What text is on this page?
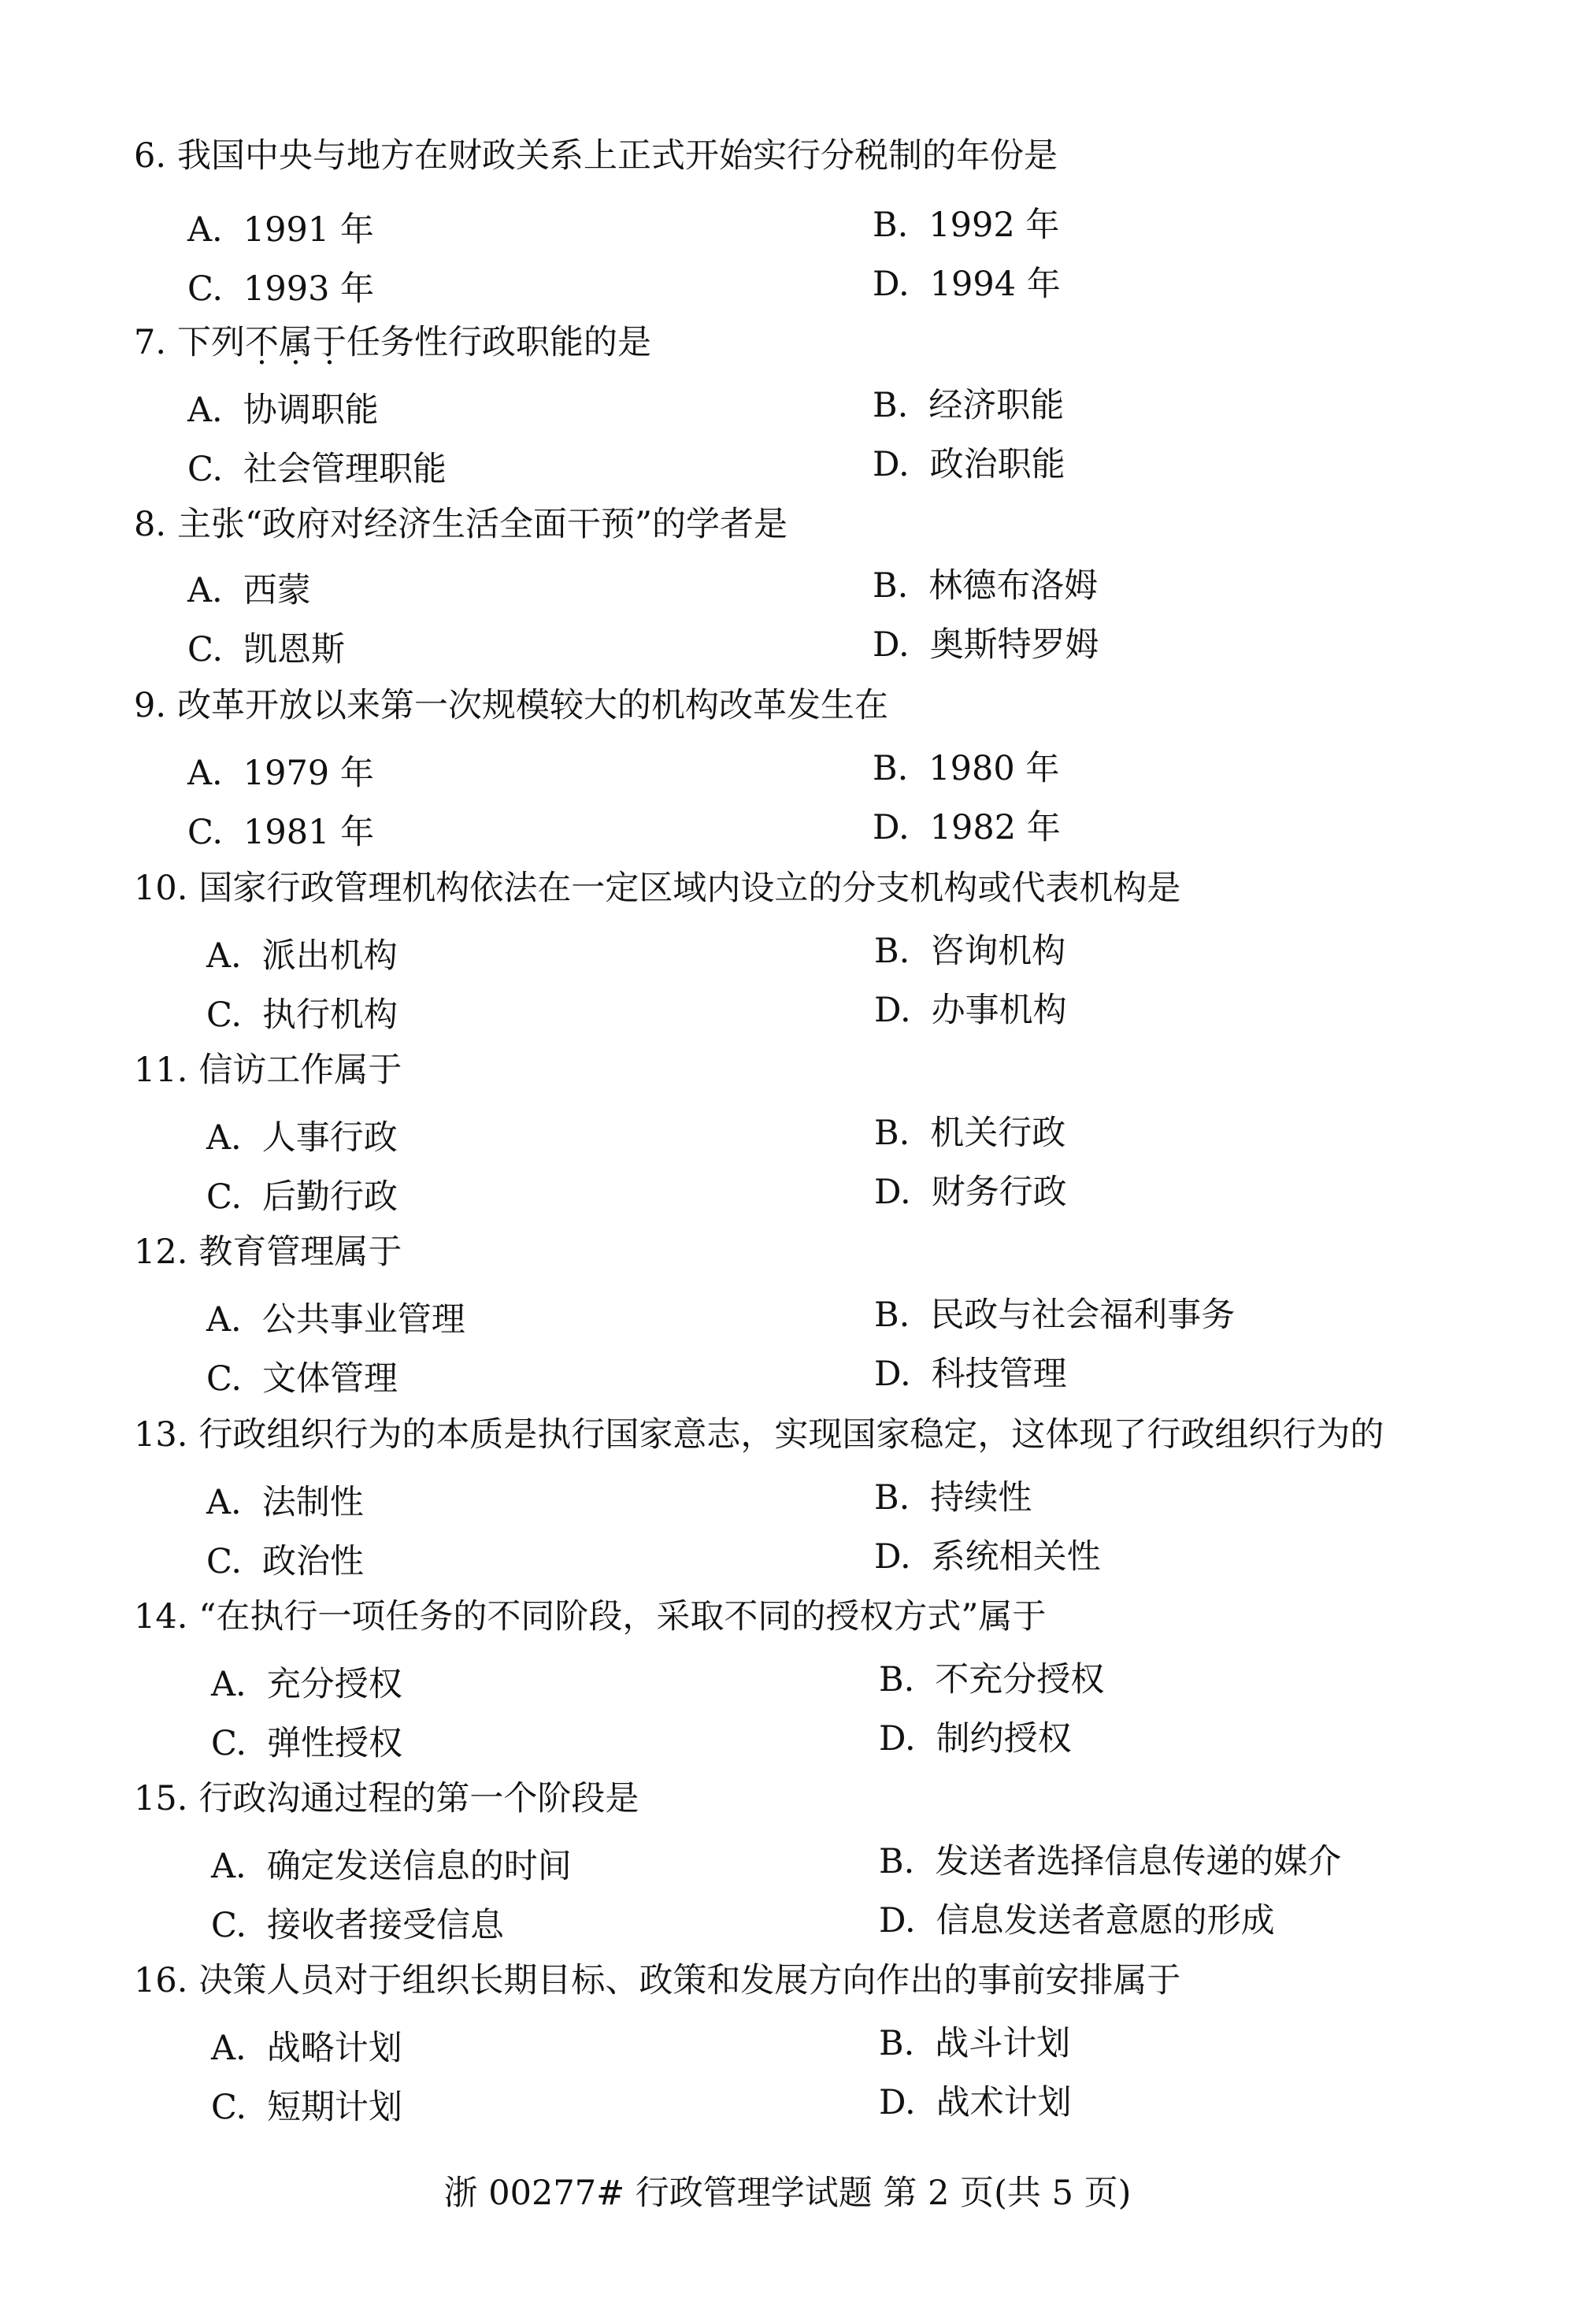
6. 我国中央与地方在财政关系上正式开始实行分税制的年份是
A. 1991 年	B. 1992 年
C. 1993 年	D. 1994 年
7. 下列不属于任务性行政职能的是
A. 协调职能	B. 经济职能
C. 社会管理职能	D. 政治职能
8. 主张“政府对经济生活全面干预”的学者是
A. 西蒙	B. 林德布洛姆
C. 凯恩斯	D. 奥斯特罗姆
9. 改革开放以来第一次规模较大的机构改革发生在
A. 1979 年	B. 1980 年
C. 1981 年	D. 1982 年
10. 国家行政管理机构依法在一定区域内设立的分支机构或代表机构是
A. 派出机构	B. 咨询机构
C. 执行机构	D. 办事机构
11. 信访工作属于
A. 人事行政	B. 机关行政
C. 后勤行政	D. 财务行政
12. 教育管理属于
A. 公共事业管理	B. 民政与社会福利事务
C. 文体管理	D. 科技管理
13. 行政组织行为的本质是执行国家意志，实现国家稳定，这体现了行政组织行为的
A. 法制性	B. 持续性
C. 政治性	D. 系统相关性
14. “在执行一项任务的不同阶段，采取不同的授权方式”属于
A. 充分授权	B. 不充分授权
C. 弹性授权	D. 制约授权
15. 行政沟通过程的第一个阶段是
A. 确定发送信息的时间	B. 发送者选择信息传递的媒介
C. 接收者接受信息	D. 信息发送者意愿的形成
16. 决策人员对于组织长期目标、政策和发展方向作出的事前安排属于
A. 战略计划	B. 战斗计划
C. 短期计划	D. 战术计划
浙 00277# 行政管理学试题 第 2 页(共 5 页)
